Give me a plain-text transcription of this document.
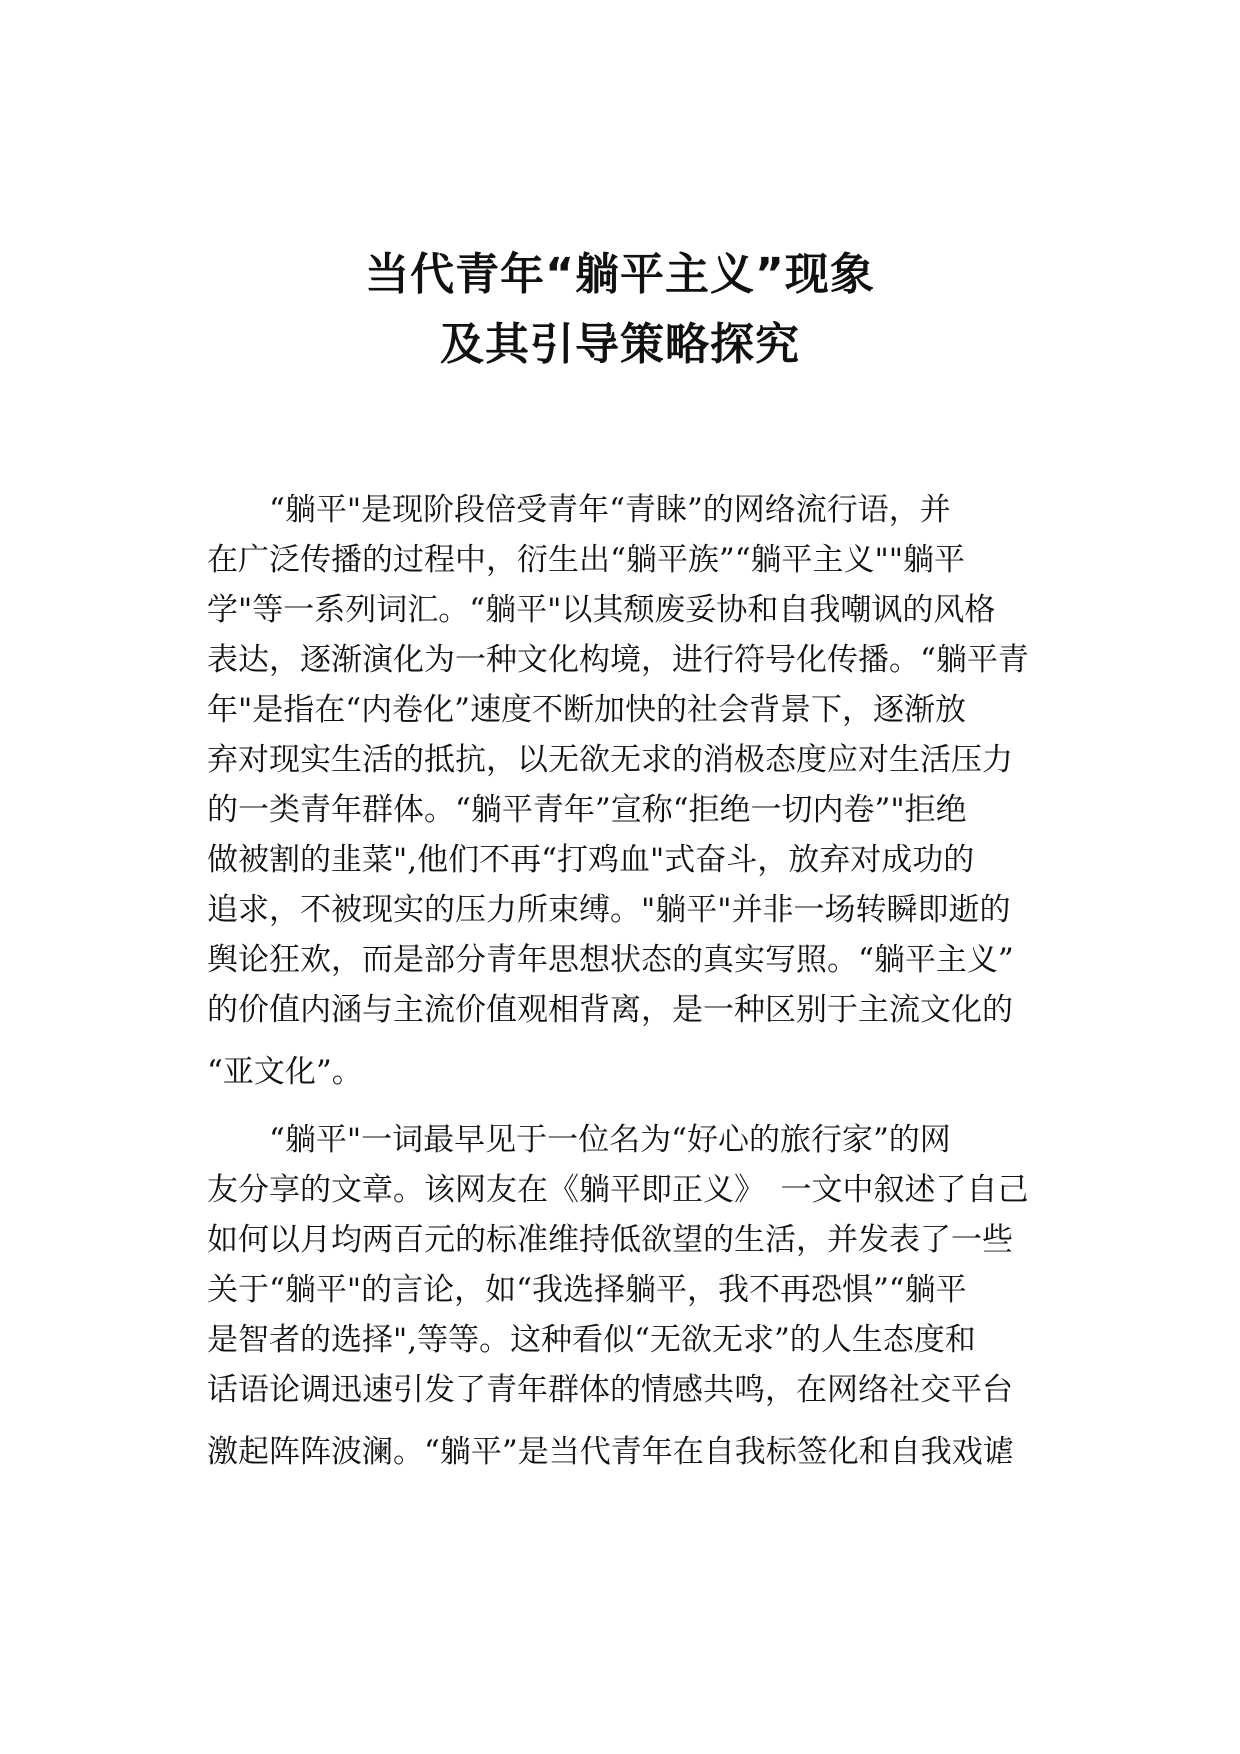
当代青年“躺平主义”现象
及其引导策略探究
　　“躺平"是现阶段倍受青年“青睐”的网络流行语，并
在广泛传播的过程中，衍生出“躺平族”“躺平主义""躺平
学"等一系列词汇。“躺平"以其颓废妥协和自我嘲讽的风格
表达，逐渐演化为一种文化构境，进行符号化传播。“躺平青
年"是指在“内卷化”速度不断加快的社会背景下，逐渐放
弃对现实生活的抵抗，以无欲无求的消极态度应对生活压力
的一类青年群体。“躺平青年”宣称“拒绝一切内卷”"拒绝
做被割的韭菜",他们不再“打鸡血"式奋斗，放弃对成功的
追求，不被现实的压力所束缚。"躺平"并非一场转瞬即逝的
舆论狂欢，而是部分青年思想状态的真实写照。“躺平主义”
的价值内涵与主流价值观相背离，是一种区别于主流文化的
“亚文化”。
　　“躺平"一词最早见于一位名为“好心的旅行家”的网
友分享的文章。该网友在《躺平即正义》　一文中叙述了自己
如何以月均两百元的标准维持低欲望的生活，并发表了一些
关于“躺平"的言论，如“我选择躺平，我不再恐惧”“躺平
是智者的选择",等等。这种看似“无欲无求”的人生态度和
话语论调迅速引发了青年群体的情感共鸣，在网络社交平台
激起阵阵波澜。“躺平”是当代青年在自我标签化和自我戏谑
